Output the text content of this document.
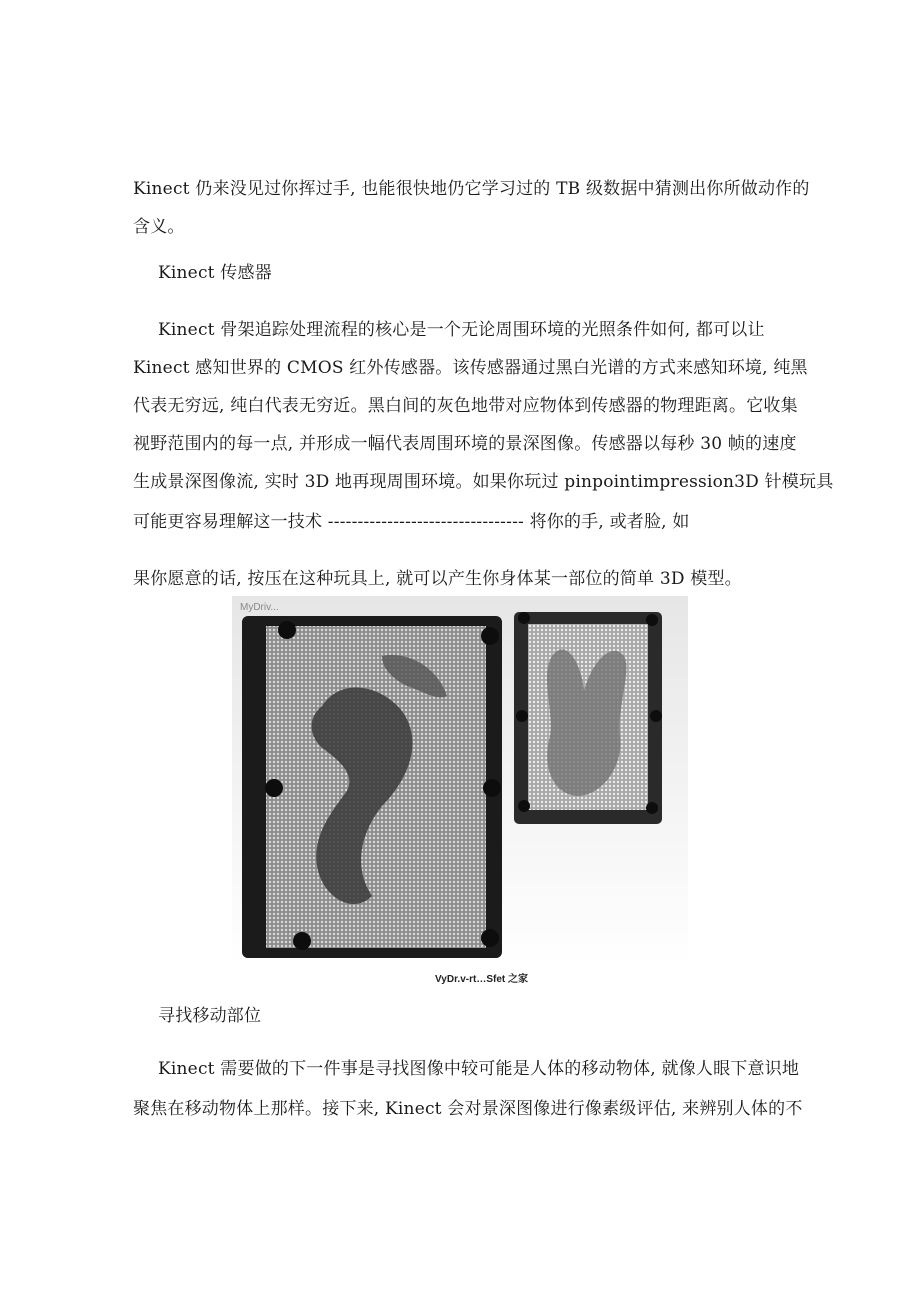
Kinect 仍来没见过你挥过手, 也能很快地仍它学习过的 TB 级数据中猜测出你所做动作的
含义。
Kinect 传感器
Kinect 骨架追踪处理流程的核心是一个无论周围环境的光照条件如何, 都可以让
Kinect 感知世界的 CMOS 红外传感器。该传感器通过黑白光谱的方式来感知环境, 纯黑
代表无穷远, 纯白代表无穷近。黑白间的灰色地带对应物体到传感器的物理距离。它收集
视野范围内的每一点, 并形成一幅代表周围环境的景深图像。传感器以每秒 30 帧的速度
生成景深图像流, 实时 3D 地再现周围环境。如果你玩过 pinpointimpression3D 针模玩具
可能更容易理解这一技术 --------------------------------- 将你的手, 或者脸, 如
果你愿意的话, 按压在这种玩具上, 就可以产生你身体某一部位的简单 3D 模型。
MyDriv...
VyDr.v-rt…Sfet 之家
寻找移动部位
Kinect 需要做的下一件事是寻找图像中较可能是人体的移动物体, 就像人眼下意识地
聚焦在移动物体上那样。接下来, Kinect 会对景深图像进行像素级评估, 来辨别人体的不
